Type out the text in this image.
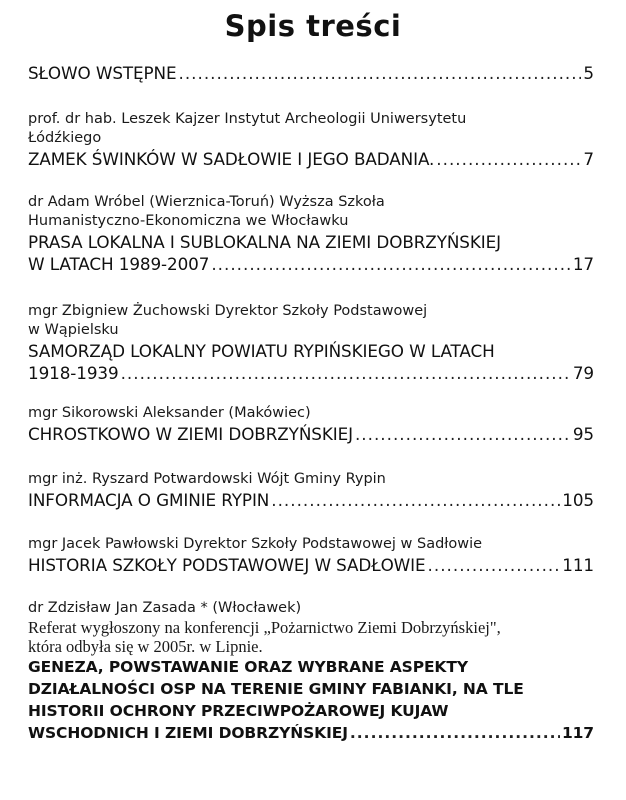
Spis treści
SŁOWO WSTĘPNE .....	5
prof. dr hab. Leszek Kajzer Instytut Archeologii Uniwersytetu
Łódźkiego
ZAMEK ŚWINKÓW W SADŁOWIE I JEGO BADANIA. .....	7
dr Adam Wróbel (Wierznica-Toruń) Wyższa Szkoła
Humanistyczno-Ekonomiczna we Włocławku
PRASA LOKALNA I SUBLOKALNA NA ZIEMI DOBRZYŃSKIEJ
W LATACH 1989-2007 .....	17
mgr Zbigniew Żuchowski Dyrektor Szkoły Podstawowej
w Wąpielsku
SAMORZĄD LOKALNY POWIATU RYPIŃSKIEGO W LATACH
1918-1939 .....	79
mgr Sikorowski Aleksander (Makówiec)
CHROSTKOWO W ZIEMI DOBRZYŃSKIEJ .....	95
mgr inż. Ryszard Potwardowski Wójt Gminy Rypin
INFORMACJA O GMINIE RYPIN .....	105
mgr Jacek Pawłowski Dyrektor Szkoły Podstawowej w Sadłowie
HISTORIA SZKOŁY PODSTAWOWEJ W SADŁOWIE .....	111
dr Zdzisław Jan Zasada * (Włocławek)
Referat wygłoszony na konferencji „Pożarnictwo Ziemi Dobrzyńskiej",
która odbyła się w 2005r. w Lipnie.
GENEZA, POWSTAWANIE ORAZ WYBRANE ASPEKTY
DZIAŁALNOŚCI OSP NA TERENIE GMINY FABIANKI, NA TLE
HISTORII OCHRONY PRZECIWPOŻAROWEJ KUJAW
WSCHODNICH I ZIEMI DOBRZYŃSKIEJ .....	117
